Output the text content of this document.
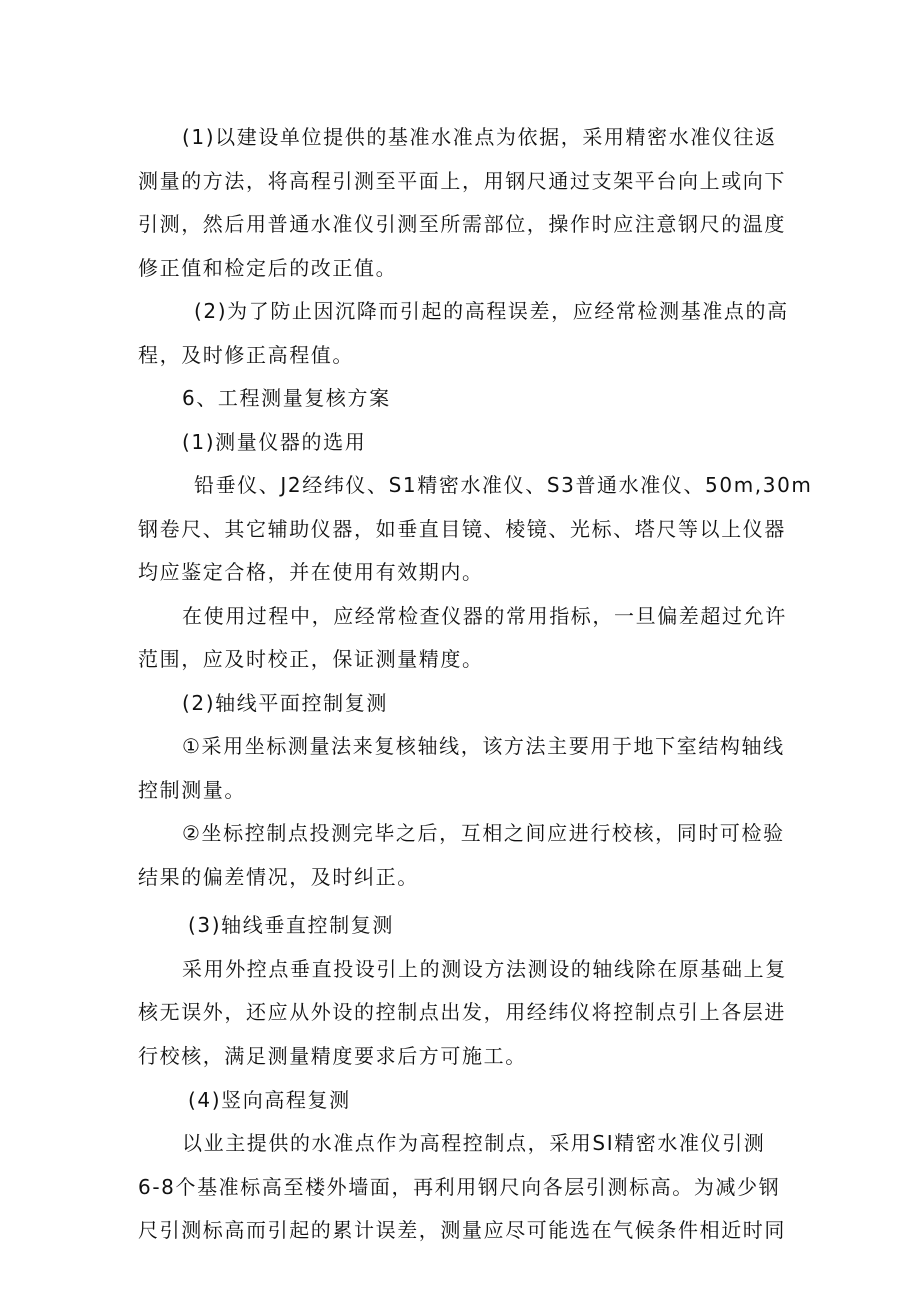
(1)以建设单位提供的基准水准点为依据，采用精密水准仪往返
测量的方法，将高程引测至平面上，用钢尺通过支架平台向上或向下
引测，然后用普通水准仪引测至所需部位，操作时应注意钢尺的温度
修正值和检定后的改正值。
(2)为了防止因沉降而引起的高程误差，应经常检测基准点的高
程，及时修正高程值。
6、工程测量复核方案
(1)测量仪器的选用
铅垂仪、J2经纬仪、S1精密水准仪、S3普通水准仪、50m,30m
钢卷尺、其它辅助仪器，如垂直目镜、棱镜、光标、塔尺等以上仪器
均应鉴定合格，并在使用有效期内。
在使用过程中，应经常检查仪器的常用指标，一旦偏差超过允许
范围，应及时校正，保证测量精度。
(2)轴线平面控制复测
①采用坐标测量法来复核轴线，该方法主要用于地下室结构轴线
控制测量。
②坐标控制点投测完毕之后，互相之间应进行校核，同时可检验
结果的偏差情况，及时纠正。
(3)轴线垂直控制复测
采用外控点垂直投设引上的测设方法测设的轴线除在原基础上复
核无误外，还应从外设的控制点出发，用经纬仪将控制点引上各层进
行校核，满足测量精度要求后方可施工。
(4)竖向高程复测
以业主提供的水准点作为高程控制点，采用SI精密水准仪引测
6-8个基准标高至楼外墙面，再利用钢尺向各层引测标高。为减少钢
尺引测标高而引起的累计误差，测量应尽可能选在气候条件相近时同
